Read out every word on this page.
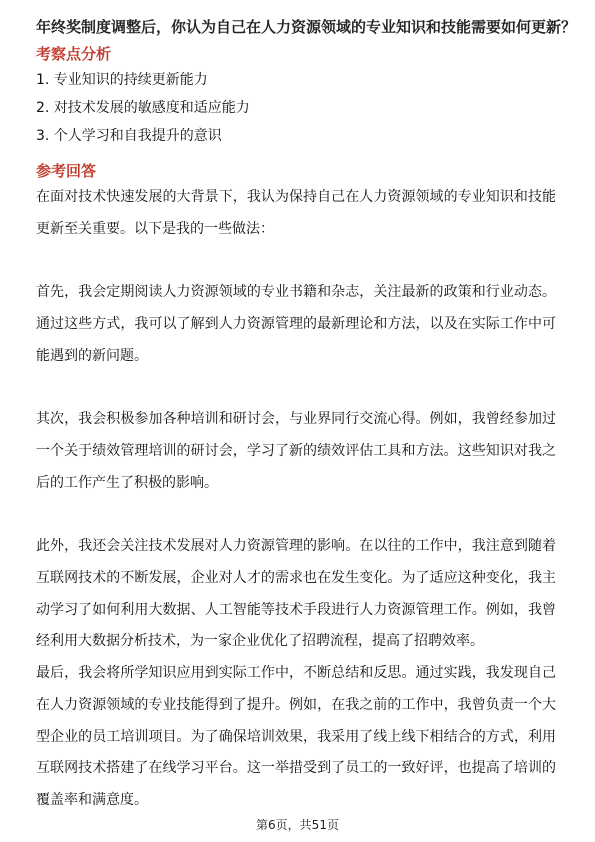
年终奖制度调整后，你认为自己在人力资源领域的专业知识和技能需要如何更新？
考察点分析
1. 专业知识的持续更新能力
2. 对技术发展的敏感度和适应能力
3. 个人学习和自我提升的意识
参考回答

在面对技术快速发展的大背景下，我认为保持自己在人力资源领域的专业知识和技能更新至关重要。以下是我的一些做法：

首先，我会定期阅读人力资源领域的专业书籍和杂志，关注最新的政策和行业动态。通过这些方式，我可以了解到人力资源管理的最新理论和方法，以及在实际工作中可能遇到的新问题。

其次，我会积极参加各种培训和研讨会，与业界同行交流心得。例如，我曾经参加过一个关于绩效管理培训的研讨会，学习了新的绩效评估工具和方法。这些知识对我之后的工作产生了积极的影响。

此外，我还会关注技术发展对人力资源管理的影响。在以往的工作中，我注意到随着互联网技术的不断发展，企业对人才的需求也在发生变化。为了适应这种变化，我主动学习了如何利用大数据、人工智能等技术手段进行人力资源管理工作。例如，我曾经利用大数据分析技术，为一家企业优化了招聘流程，提高了招聘效率。

最后，我会将所学知识应用到实际工作中，不断总结和反思。通过实践，我发现自己在人力资源领域的专业技能得到了提升。例如，在我之前的工作中，我曾负责一个大型企业的员工培训项目。为了确保培训效果，我采用了线上线下相结合的方式，利用互联网技术搭建了在线学习平台。这一举措受到了员工的一致好评，也提高了培训的覆盖率和满意度。

第6页，共51页
